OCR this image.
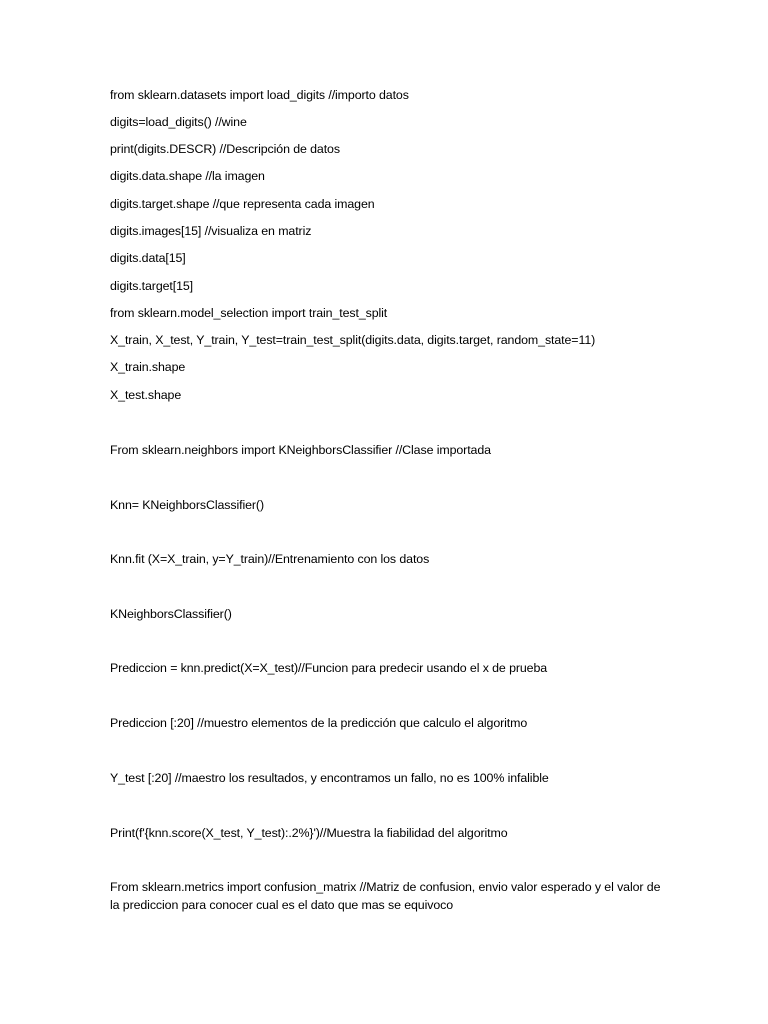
from sklearn.datasets import load_digits //importo datos
digits=load_digits() //wine
print(digits.DESCR) //Descripción de datos
digits.data.shape //la imagen
digits.target.shape //que representa cada imagen
digits.images[15] //visualiza en matriz
digits.data[15]
digits.target[15]
from sklearn.model_selection import train_test_split
X_train, X_test, Y_train, Y_test=train_test_split(digits.data, digits.target, random_state=11)
X_train.shape
X_test.shape
From sklearn.neighbors import KNeighborsClassifier //Clase importada
Knn= KNeighborsClassifier()
Knn.fit (X=X_train, y=Y_train)//Entrenamiento con los datos
KNeighborsClassifier()
Prediccion = knn.predict(X=X_test)//Funcion para predecir usando el x de prueba
Prediccion [:20] //muestro elementos de la predicción que calculo el algoritmo
Y_test [:20] //maestro los resultados, y encontramos un fallo, no es 100% infalible
Print(f'{knn.score(X_test, Y_test):.2%}')//Muestra la fiabilidad del algoritmo
From sklearn.metrics import confusion_matrix //Matriz de confusion, envio valor esperado y el valor de la prediccion para conocer cual es el dato que mas se equivoco
